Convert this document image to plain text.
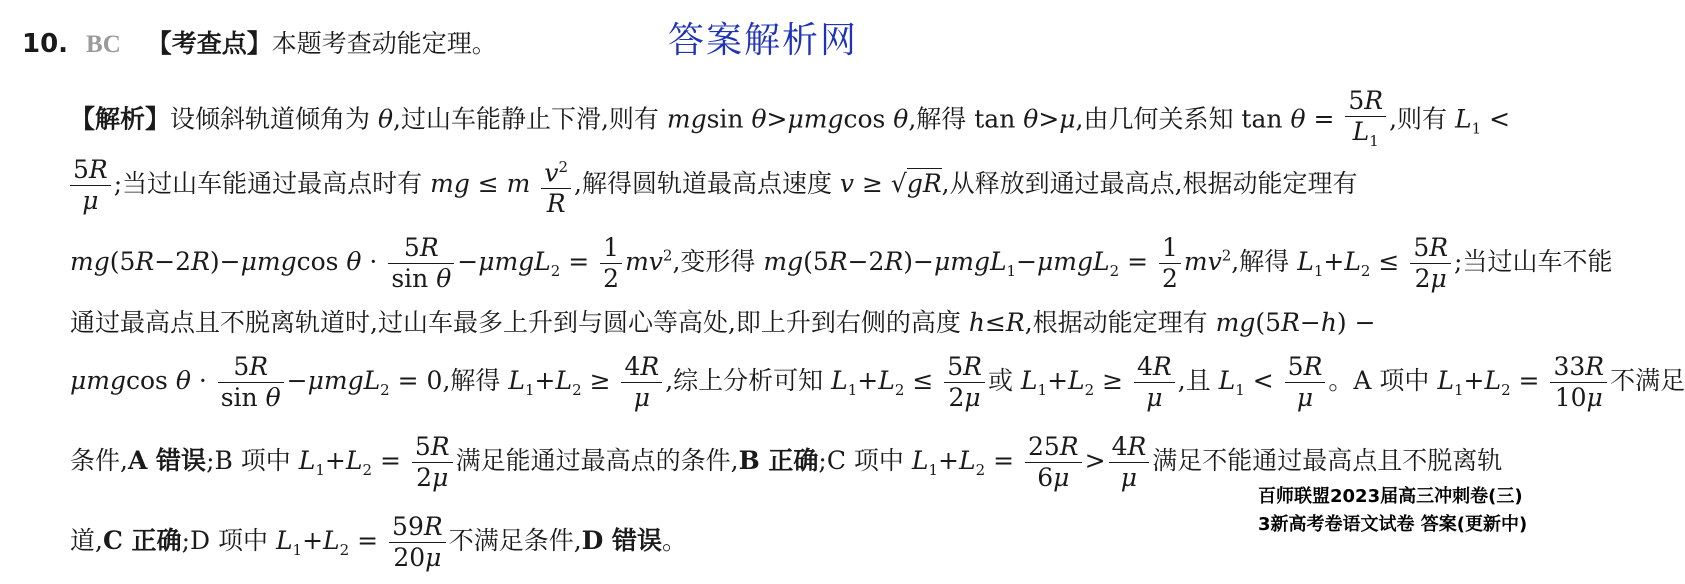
答案解析网
10. BC 【考查点】本题考查动能定理。
【解析】设倾斜轨道倾角为 θ,过山车能静止下滑,则有 mgsin θ>μmgcos θ,解得 tan θ>μ,由几何关系知 $\tan \theta = \frac{5R}{L_1}$ ,则有 $L_1$ <
$\frac{5R}{\mu}$ ;当过山车能通过最高点时有 mg ≤ m $\frac{v^2}{R}$ ,解得圆轨道最高点速度 v ≥ √gR,从释放到通过最高点,根据动能定理有
mg(5R−2R)−μmgcos $\theta \cdot \frac{5R}{\text{sin θ}} -\mu mgL_2 = \frac{1}{2} mv^2$,变形得 $mg(5R-2R)-\mu mgL_1-\mu mgL_2 = \frac{1}{2} mv^2$,解得 $L_1+L_2 \le \frac{5R}{2\mu}$ ;当过山车不能
通过最高点且不脱离轨道时,过山车最多上升到与圆心等高处,即上升到右侧的高度 h≤R,根据动能定理有 mg(5R−h) −
μmgcos $\theta \cdot \frac{5R}{\text{sin θ}} -\mu mgL_2 = 0$,解得 $L_1+L_2 \ge \frac{4R}{\mu}$ ,综上分析可知 $L_1+L_2 \le \frac{5R}{2\mu}$ 或 $L_1+L_2 \ge \frac{4R}{\mu}$ ,且 $L_1 < \frac{5R}{\mu}$ 。A 项中 $L_1+L_2 = \frac{33R}{10\mu}$ 不满足
条件,A 错误;B 项中 $L_1+L_2 = \frac{5R}{2\mu}$ 满足能通过最高点的条件,B 正确;C 项中 $L_1+L_2 = \frac{25R}{6\mu} > \frac{4R}{\mu}$ 满足不能通过最高点且不脱离轨
道,C 正确;D 项中 $L_1+L_2 = \frac{59R}{20\mu}$ 不满足条件,D 错误。
百师联盟2023届高三冲刺卷(三)3新高考卷语文试卷 答案(更新中)
